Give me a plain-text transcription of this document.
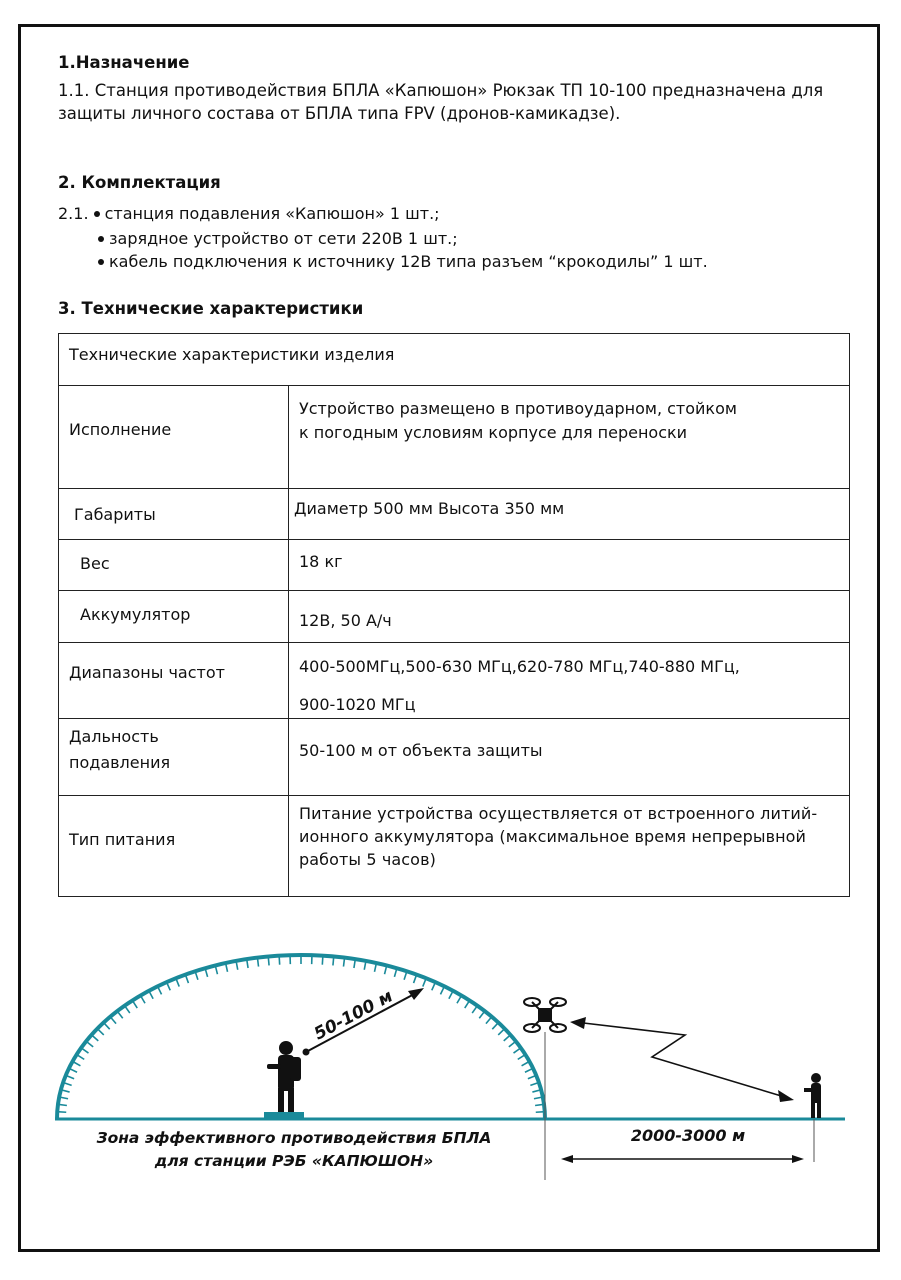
1.Назначение
1.1. Станция противодействия БПЛА «Капюшон» Рюкзак ТП 10-100 предназначена для
защиты личного состава от БПЛА типа FPV (дронов-камикадзе).
2. Комплектация
2.1. станция подавления «Капюшон» 1 шт.;
зарядное устройство от сети 220В 1 шт.;
кабель подключения к источнику 12В типа разъем “крокодилы” 1 шт.
3. Технические характеристики
Технические характеристики изделия	

Исполнение	Устройство размещено в противоударном, стойком
к погодным условиям корпусе для переноски

Габариты	Диаметр 500 мм Высота 350 мм

Вес	18 кг

Аккумулятор	12В, 50 А/ч

Диапазоны частот	400-500МГц,500-630 МГц,620-780 МГц,740-880 МГц,
900-1020 МГц

Дальность
подавления	50-100 м от объекта защиты

Тип питания	Питание устройства осуществляется от встроенного литий-
ионного аккумулятора (максимальное время непрерывной
работы 5 часов)
50-100 м
2000-3000 м
Зона эффективного противодействия БПЛА
для станции РЭБ «КАПЮШОН»
